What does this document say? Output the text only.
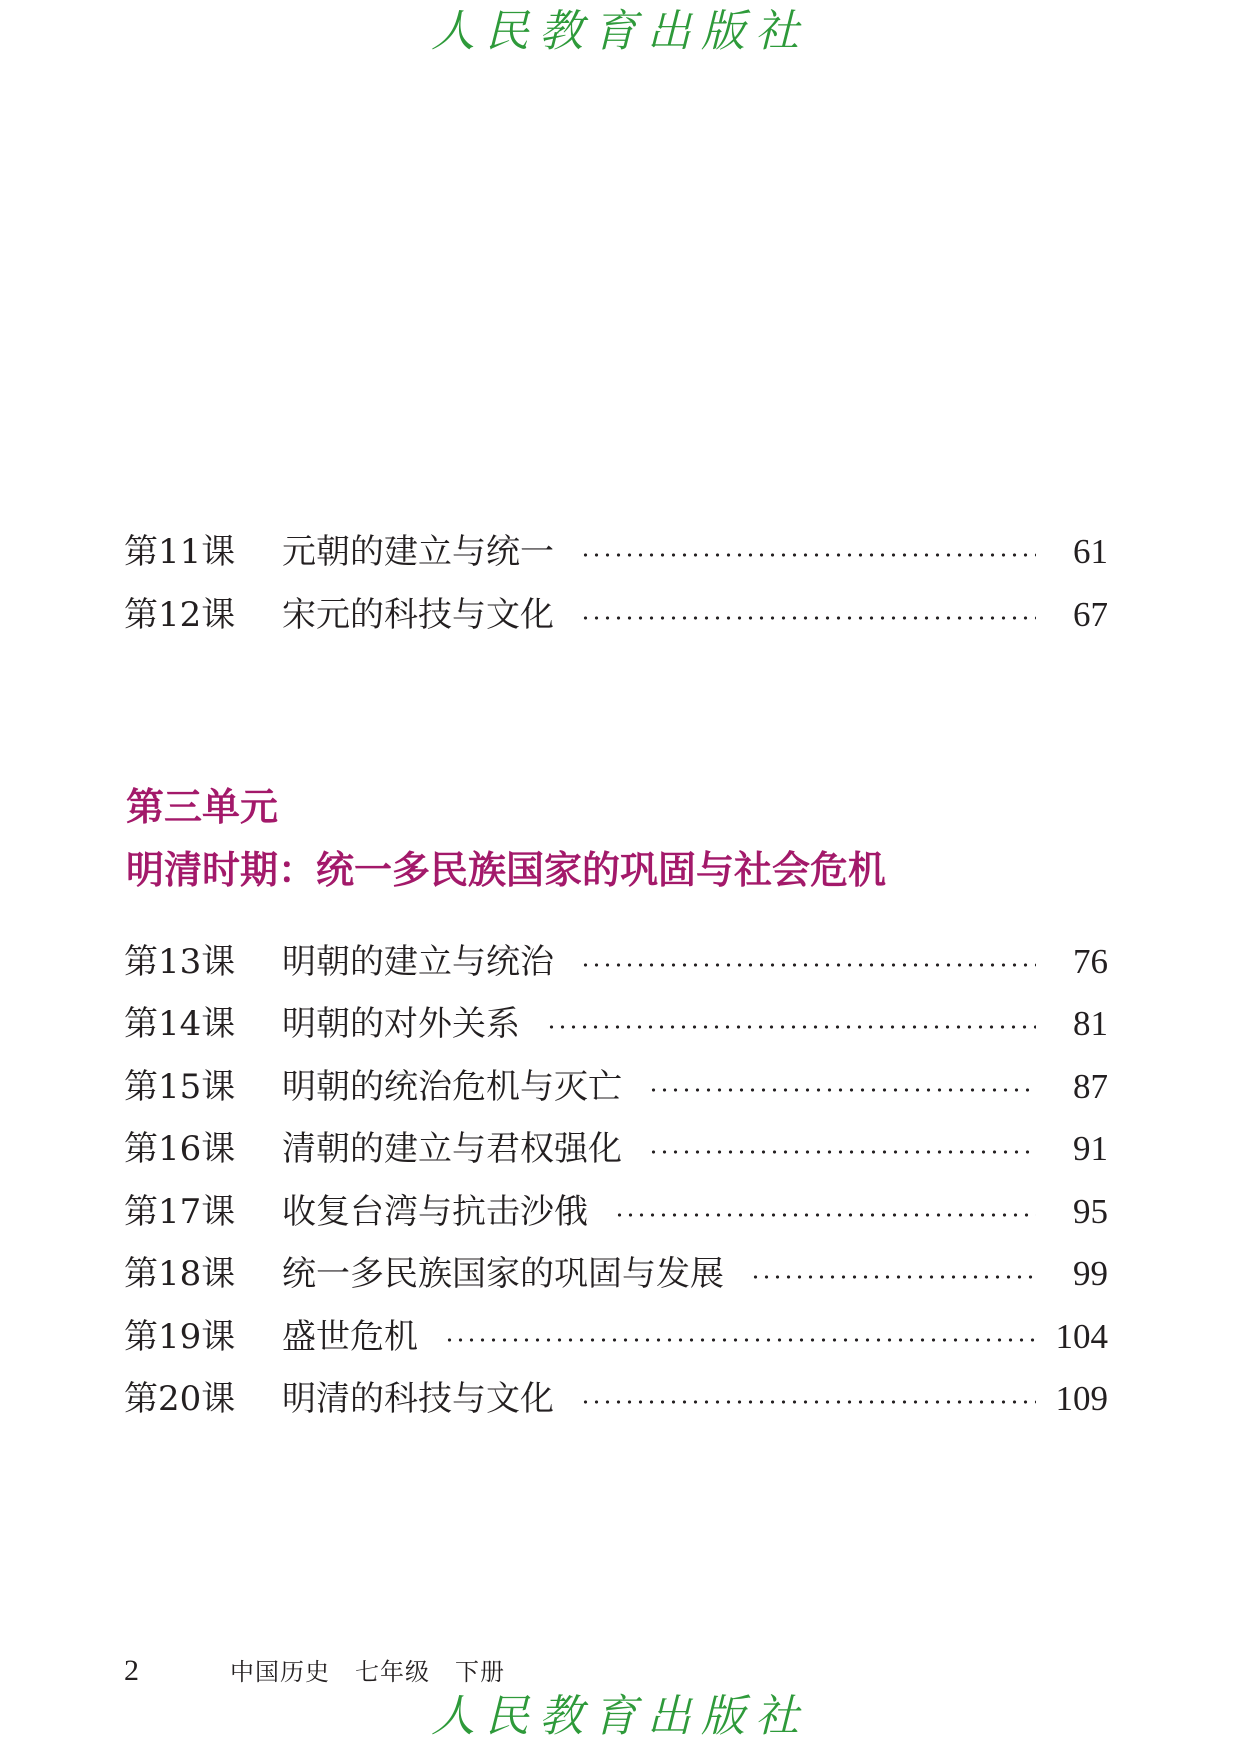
人民教育出版社
第11课	元朝的建立与统一	61
第12课	宋元的科技与文化	67
第三单元
明清时期：统一多民族国家的巩固与社会危机
第13课	明朝的建立与统治	76
第14课	明朝的对外关系	81
第15课	明朝的统治危机与灭亡	87
第16课	清朝的建立与君权强化	91
第17课	收复台湾与抗击沙俄	95
第18课	统一多民族国家的巩固与发展	99
第19课	盛世危机	104
第20课	明清的科技与文化	109
2	中国历史　七年级　下册
人民教育出版社
